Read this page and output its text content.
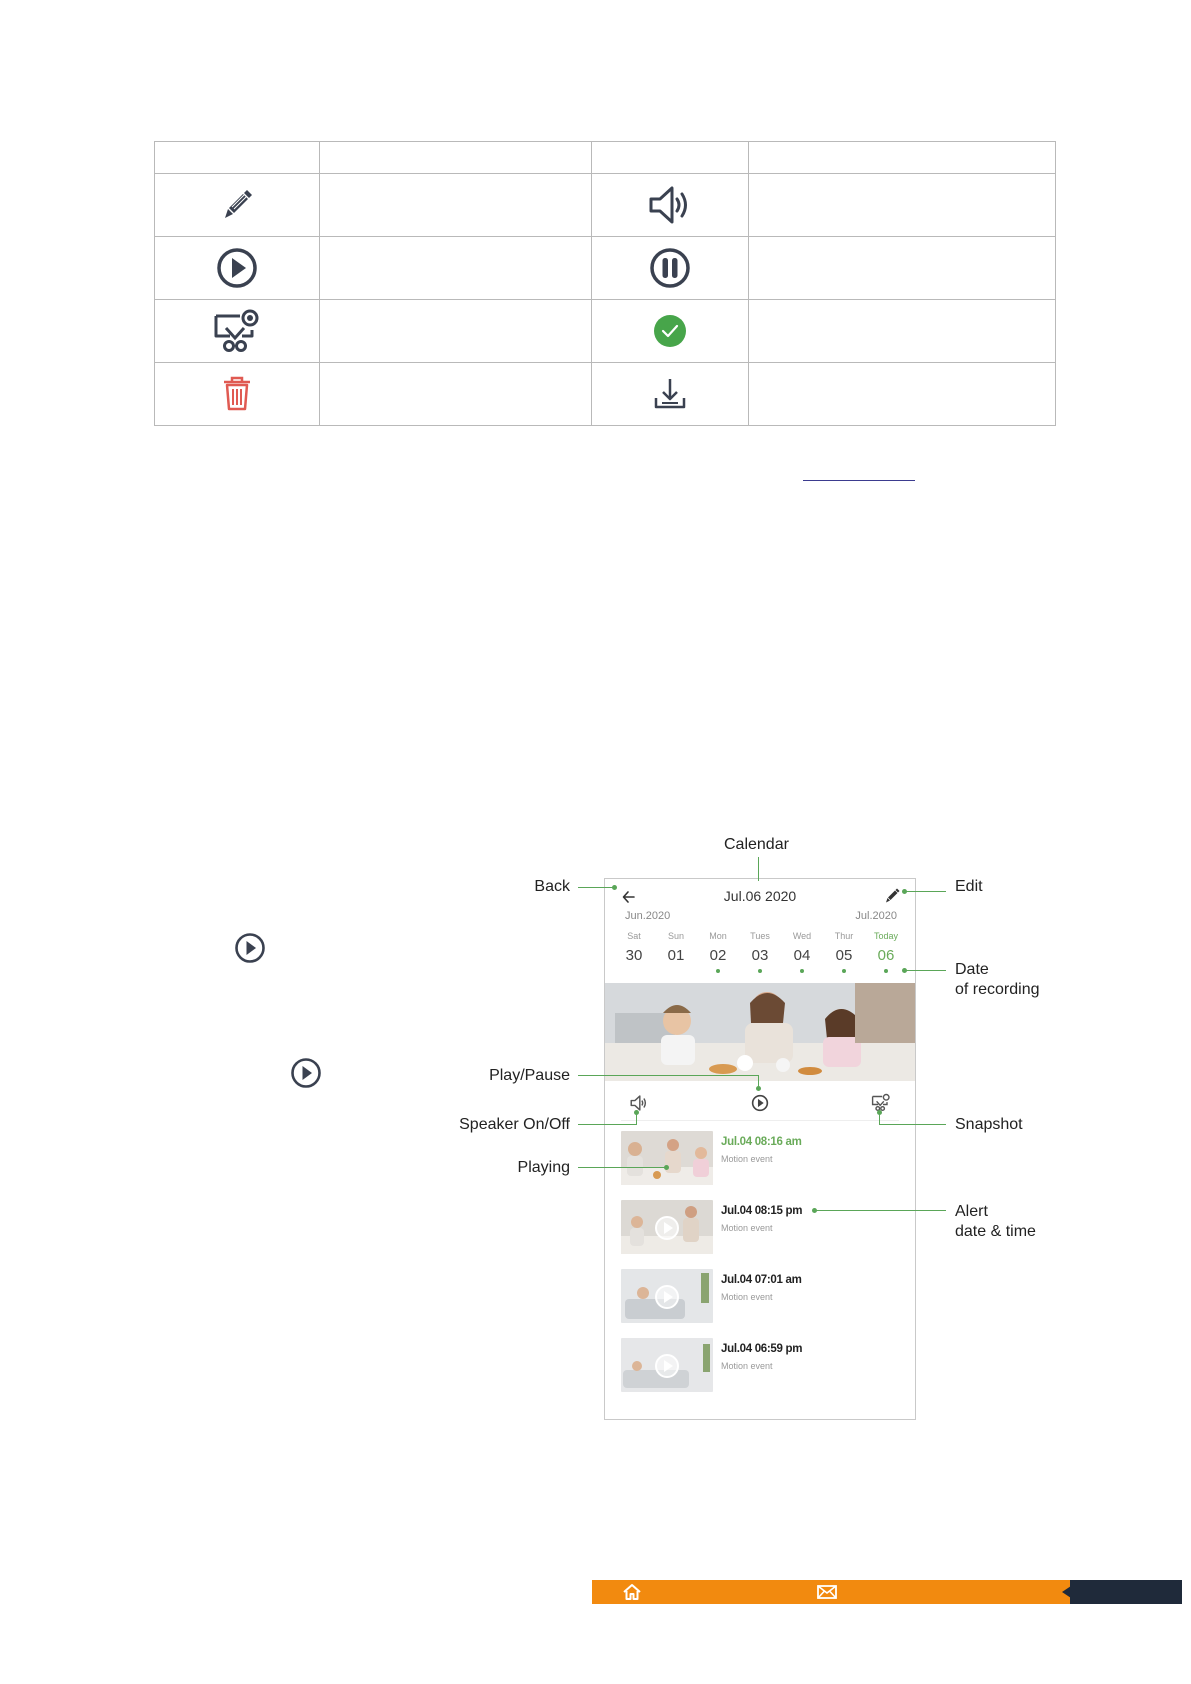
Jul.06 2020
Jun.2020	Jul.2020
Sat
30
Sun
01
Mon
02
Tues
03
Wed
04
Thur
05
Today
06
Jul.04 08:16 am
Motion event
Jul.04 08:15 pm
Motion event
Jul.04 07:01 am
Motion event
Jul.04 06:59 pm
Motion event
Calendar
Back	Edit
Date
of recording
Play/Pause
Speaker On/Off	Snapshot
Playing
Alert
date & time
